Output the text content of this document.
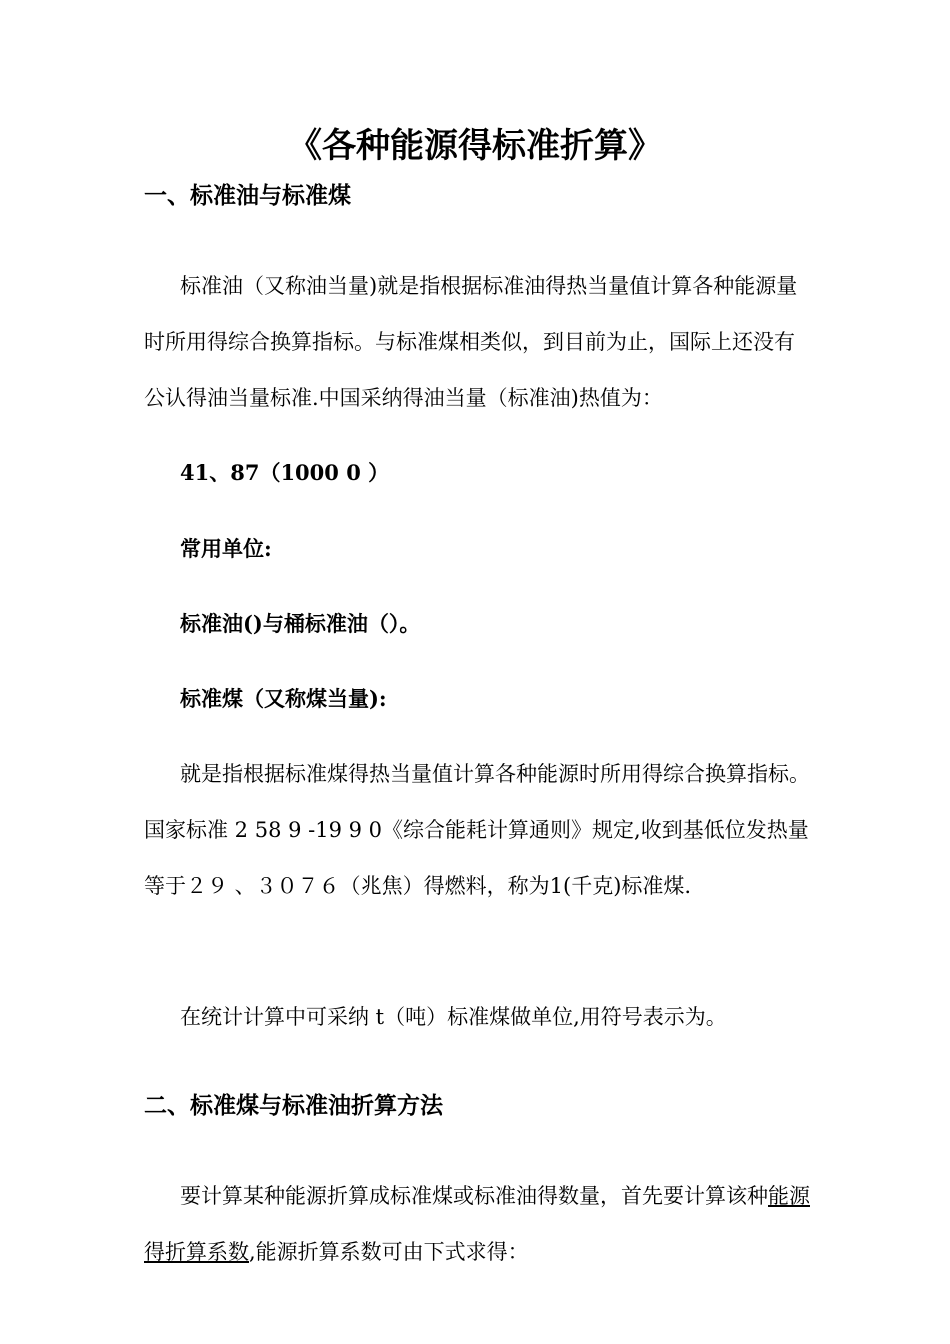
《各种能源得标准折算》
一、标准油与标准煤

标准油（又称油当量)就是指根据标准油得热当量值计算各种能源量时所用得综合换算指标。与标准煤相类似，到目前为止，国际上还没有公认得油当量标准.中国采纳得油当量（标准油)热值为：

41、87（1000 0 ）
常用单位:
标准油()与桶标准油（）。
标准煤（又称煤当量):

就是指根据标准煤得热当量值计算各种能源时所用得综合换算指标。国家标准 2 58 9 -19 9 0《综合能耗计算通则》规定,收到基低位发热量等于２９ 、３０７６（兆焦）得燃料，称为1(千克)标准煤.

在统计计算中可采纳 t（吨）标准煤做单位,用符号表示为。
二、标准煤与标准油折算方法

要计算某种能源折算成标准煤或标准油得数量，首先要计算该种能源得折算系数,能源折算系数可由下式求得：
